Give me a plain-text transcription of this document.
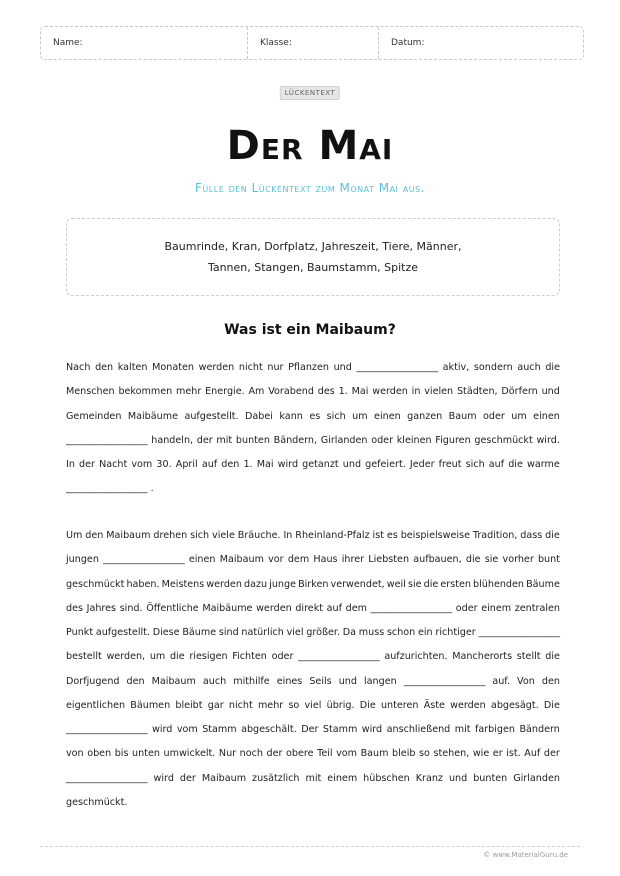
Name:	Klasse:	Datum:
LÜCKENTEXT
Der Mai
Fülle den Lückentext zum Monat Mai aus.
Baumrinde, Kran, Dorfplatz, Jahreszeit, Tiere, Männer,
Tannen, Stangen, Baumstamm, Spitze
Was ist ein Maibaum?
Nach den kalten Monaten werden nicht nur Pflanzen und _________________ aktiv, sondern auch die
Menschen bekommen mehr Energie. Am Vorabend des 1. Mai werden in vielen Städten, Dörfern und
Gemeinden Maibäume aufgestellt. Dabei kann es sich um einen ganzen Baum oder um einen
_________________ handeln, der mit bunten Bändern, Girlanden oder kleinen Figuren geschmückt wird.
In der Nacht vom 30. April auf den 1. Mai wird getanzt und gefeiert. Jeder freut sich auf die warme
_________________ .
Um den Maibaum drehen sich viele Bräuche. In Rheinland-Pfalz ist es beispielsweise Tradition, dass die
jungen _________________ einen Maibaum vor dem Haus ihrer Liebsten aufbauen, die sie vorher bunt
geschmückt haben. Meistens werden dazu junge Birken verwendet, weil sie die ersten blühenden Bäume
des Jahres sind. Öffentliche Maibäume werden direkt auf dem _________________ oder einem zentralen
Punkt aufgestellt. Diese Bäume sind natürlich viel größer. Da muss schon ein richtiger _________________
bestellt werden, um die riesigen Fichten oder _________________ aufzurichten. Mancherorts stellt die
Dorfjugend den Maibaum auch mithilfe eines Seils und langen _________________ auf. Von den
eigentlichen Bäumen bleibt gar nicht mehr so viel übrig. Die unteren Äste werden abgesägt. Die
_________________ wird vom Stamm abgeschält. Der Stamm wird anschließend mit farbigen Bändern
von oben bis unten umwickelt. Nur noch der obere Teil vom Baum bleib so stehen, wie er ist. Auf der
_________________ wird der Maibaum zusätzlich mit einem hübschen Kranz und bunten Girlanden
geschmückt.
© www.MaterialGuru.de
